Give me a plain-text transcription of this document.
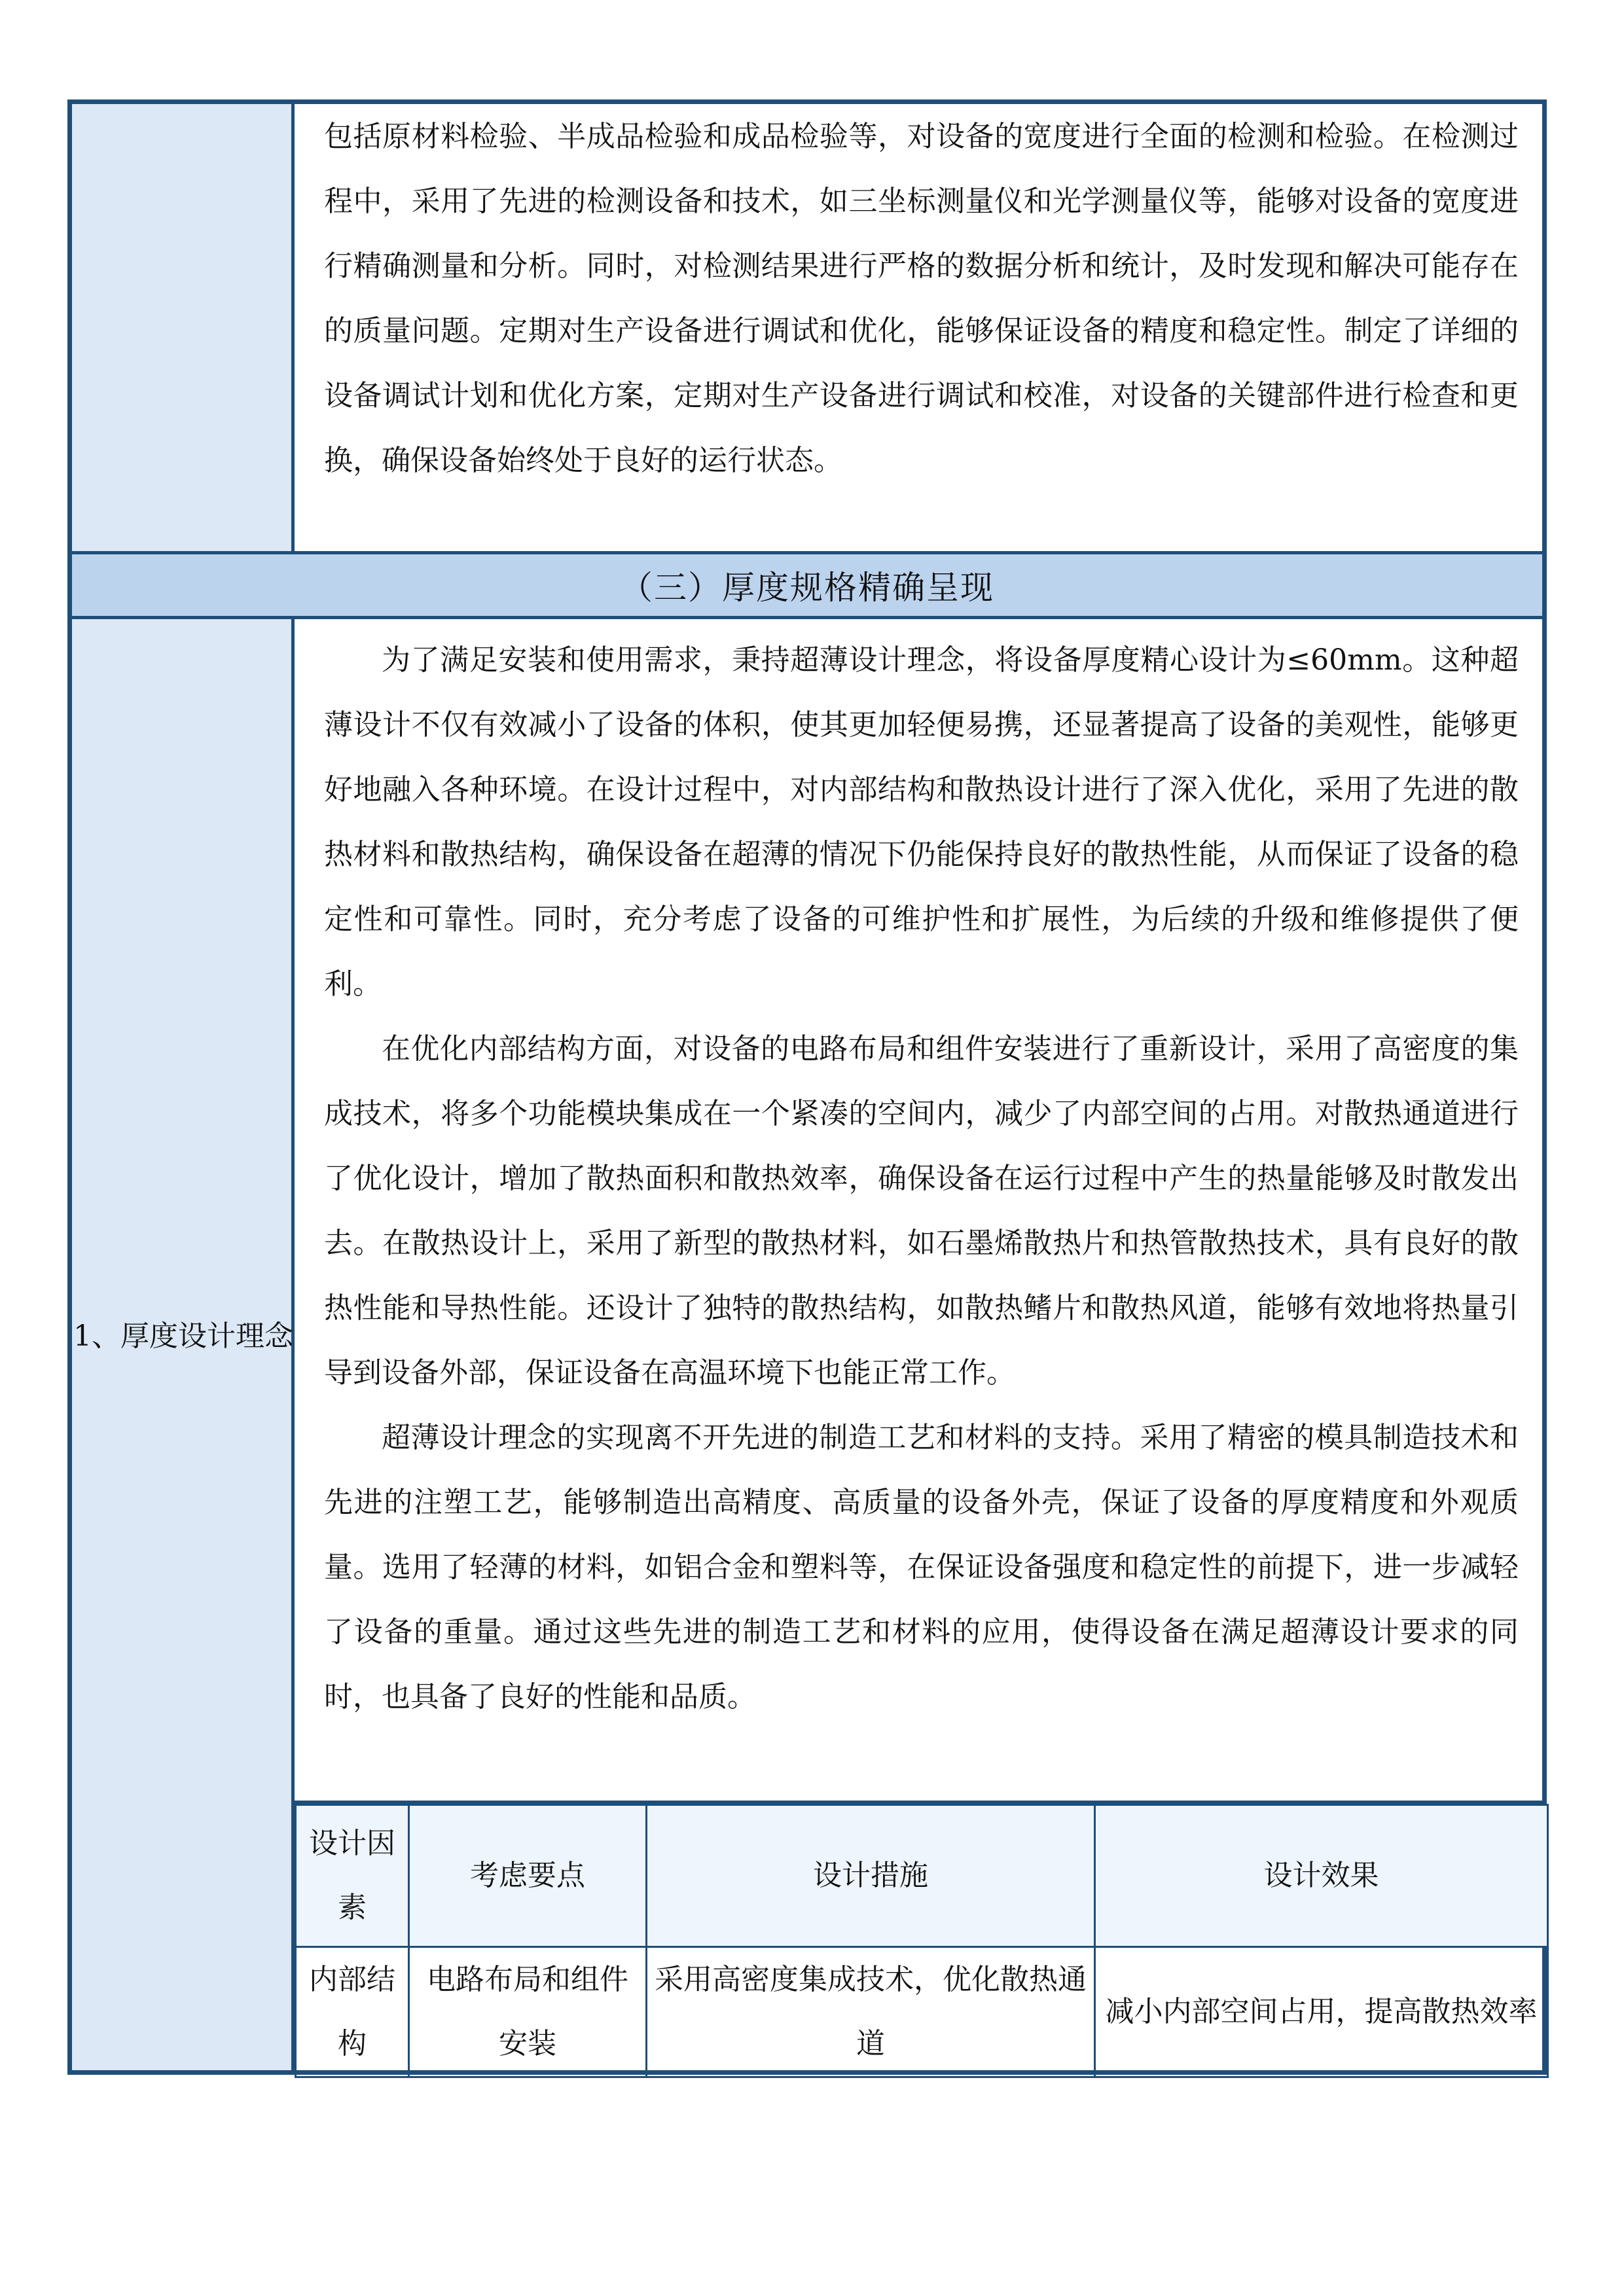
包括原材料检验、半成品检验和成品检验等，对设备的宽度进行全面的检测和检验。在检测过程中，采用了先进的检测设备和技术，如三坐标测量仪和光学测量仪等，能够对设备的宽度进行精确测量和分析。同时，对检测结果进行严格的数据分析和统计，及时发现和解决可能存在的质量问题。定期对生产设备进行调试和优化，能够保证设备的精度和稳定性。制定了详细的设备调试计划和优化方案，定期对生产设备进行调试和校准，对设备的关键部件进行检查和更换，确保设备始终处于良好的运行状态。

（三）厚度规格精确呈现
1、厚度设计理念

为了满足安装和使用需求，秉持超薄设计理念，将设备厚度精心设计为≤60mm。这种超薄设计不仅有效减小了设备的体积，使其更加轻便易携，还显著提高了设备的美观性，能够更好地融入各种环境。在设计过程中，对内部结构和散热设计进行了深入优化，采用了先进的散热材料和散热结构，确保设备在超薄的情况下仍能保持良好的散热性能，从而保证了设备的稳定性和可靠性。同时，充分考虑了设备的可维护性和扩展性，为后续的升级和维修提供了便利。

在优化内部结构方面，对设备的电路布局和组件安装进行了重新设计，采用了高密度的集成技术，将多个功能模块集成在一个紧凑的空间内，减少了内部空间的占用。对散热通道进行了优化设计，增加了散热面积和散热效率，确保设备在运行过程中产生的热量能够及时散发出去。在散热设计上，采用了新型的散热材料，如石墨烯散热片和热管散热技术，具有良好的散热性能和导热性能。还设计了独特的散热结构，如散热鳍片和散热风道，能够有效地将热量引导到设备外部，保证设备在高温环境下也能正常工作。

超薄设计理念的实现离不开先进的制造工艺和材料的支持。采用了精密的模具制造技术和先进的注塑工艺，能够制造出高精度、高质量的设备外壳，保证了设备的厚度精度和外观质量。选用了轻薄的材料，如铝合金和塑料等，在保证设备强度和稳定性的前提下，进一步减轻了设备的重量。通过这些先进的制造工艺和材料的应用，使得设备在满足超薄设计要求的同时，也具备了良好的性能和品质。

设计因素	考虑要点	设计措施	设计效果
内部结构	电路布局和组件安装	采用高密度集成技术，优化散热通道	减小内部空间占用，提高散热效率
